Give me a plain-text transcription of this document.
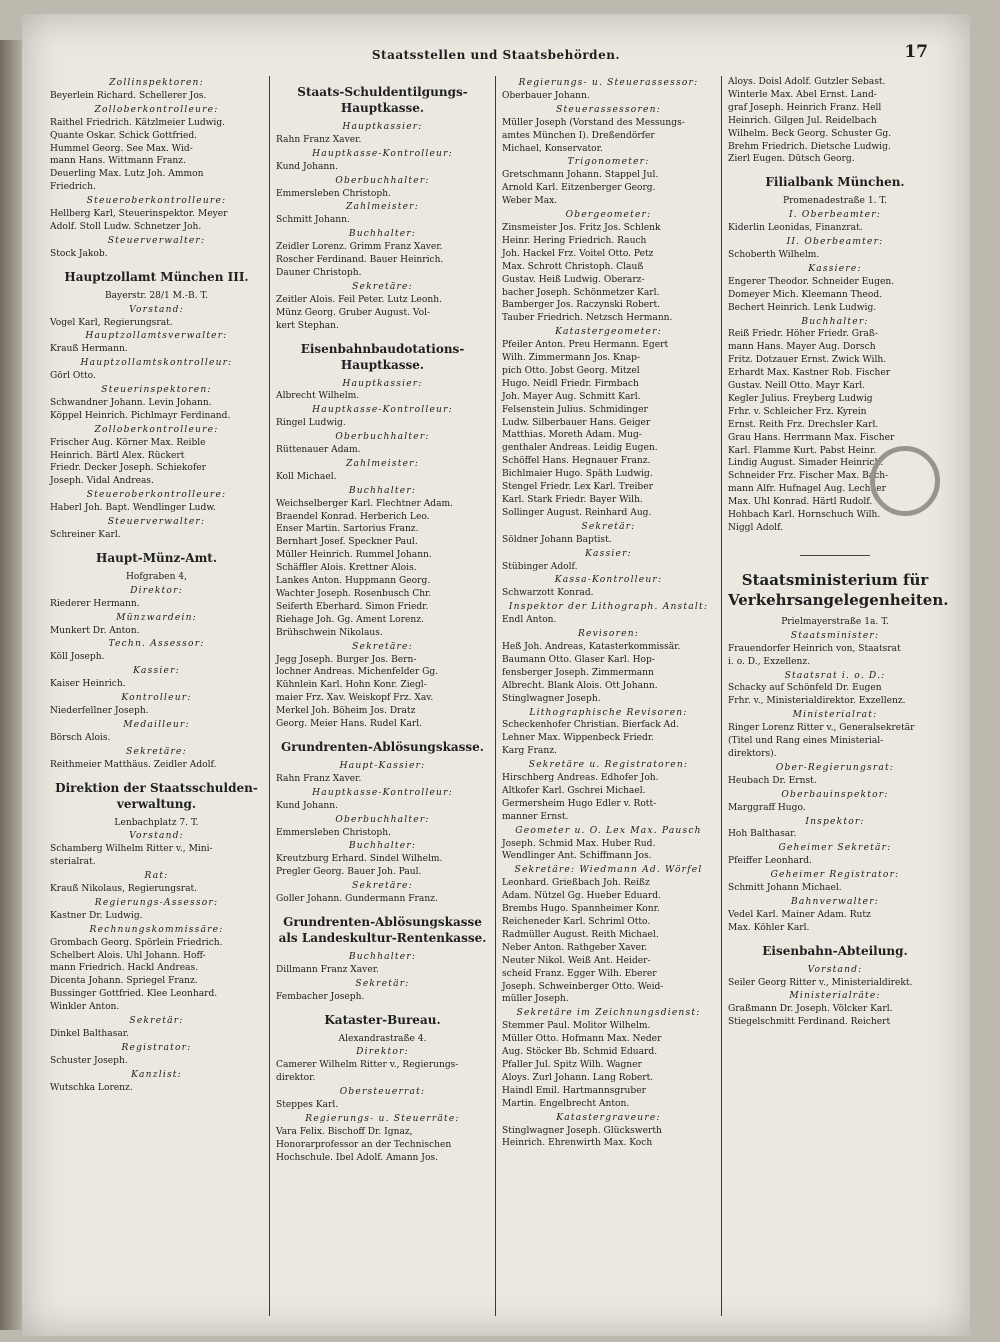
Staatsstellen und Staatsbehörden.	17
Zollinspektoren:
Beyerlein Richard. Schellerer Jos.
Zolloberkontrolleure:
Raithel Friedrich. Kätzlmeier Ludwig.
Quante Oskar. Schick Gottfried.
Hummel Georg. See Max. Wid-
mann Hans. Wittmann Franz.
Deuerling Max. Lutz Joh. Ammon
Friedrich.
Steueroberkontrolleure:
Hellberg Karl, Steuerinspektor. Meyer
Adolf. Stoll Ludw. Schnetzer Joh.
Steuerverwalter:
Stock Jakob.
Hauptzollamt München III.
Bayerstr. 28/1 M.-B. T.
Vorstand:
Vogel Karl, Regierungsrat.
Hauptzollamtsverwalter:
Krauß Hermann.
Hauptzollamtskontrolleur:
Görl Otto.
Steuerinspektoren:
Schwandner Johann. Levin Johann.
Köppel Heinrich. Pichlmayr Ferdinand.
Zolloberkontrolleure:
Frischer Aug. Körner Max. Reible
Heinrich. Bärtl Alex. Rückert
Friedr. Decker Joseph. Schiekofer
Joseph. Vidal Andreas.
Steueroberkontrolleure:
Haberl Joh. Bapt. Wendlinger Ludw.
Steuerverwalter:
Schreiner Karl.
Haupt-Münz-Amt.
Hofgraben 4,
Direktor:
Riederer Hermann.
Münzwardein:
Munkert Dr. Anton.
Techn. Assessor:
Köll Joseph.
Kassier:
Kaiser Heinrich.
Kontrolleur:
Niederfellner Joseph.
Medailleur:
Börsch Alois.
Sekretäre:
Reithmeier Matthäus. Zeidler Adolf.
Direktion der Staatsschulden-verwaltung.
Lenbachplatz 7. T.
Vorstand:
Schamberg Wilhelm Ritter v., Mini-
sterialrat.
Rat:
Krauß Nikolaus, Regierungsrat.
Regierungs-Assessor:
Kastner Dr. Ludwig.
Rechnungskommissäre:
Grombach Georg. Spörlein Friedrich.
Schelbert Alois. Uhl Johann. Hoff-
mann Friedrich. Hackl Andreas.
Dicenta Johann. Spriegel Franz.
Bussinger Gottfried. Klee Leonhard.
Winkler Anton.
Sekretär:
Dinkel Balthasar.
Registrator:
Schuster Joseph.
Kanzlist:
Wutschka Lorenz.
Staats-Schuldentilgungs-Hauptkasse.
Hauptkassier:
Rahn Franz Xaver.
Hauptkasse-Kontrolleur:
Kund Johann.
Oberbuchhalter:
Emmersleben Christoph.
Zahlmeister:
Schmitt Johann.
Buchhalter:
Zeidler Lorenz. Grimm Franz Xaver.
Roscher Ferdinand. Bauer Heinrich.
Dauner Christoph.
Sekretäre:
Zeitler Alois. Feil Peter. Lutz Leonh.
Münz Georg. Gruber August. Vol-
kert Stephan.
Eisenbahnbaudotations-Hauptkasse.
Hauptkassier:
Albrecht Wilhelm.
Hauptkasse-Kontrolleur:
Ringel Ludwig.
Oberbuchhalter:
Rüttenauer Adam.
Zahlmeister:
Koll Michael.
Buchhalter:
Weichselberger Karl. Flechtner Adam.
Braendel Konrad. Herberich Leo.
Enser Martin. Sartorius Franz.
Bernhart Josef. Speckner Paul.
Müller Heinrich. Rummel Johann.
Schäffler Alois. Krettner Alois.
Lankes Anton. Huppmann Georg.
Wachter Joseph. Rosenbusch Chr.
Seiferth Eberhard. Simon Friedr.
Riehage Joh. Gg. Ament Lorenz.
Brühschwein Nikolaus.
Sekretäre:
Jegg Joseph. Burger Jos. Bern-
lochner Andreas. Michenfelder Gg.
Kühnlein Karl. Hohn Konr. Ziegl-
maier Frz. Xav. Weiskopf Frz. Xav.
Merkel Joh. Böheim Jos. Dratz
Georg. Meier Hans. Rudel Karl.
Grundrenten-Ablösungskasse.
Haupt-Kassier:
Rahn Franz Xaver.
Hauptkasse-Kontrolleur:
Kund Johann.
Oberbuchhalter:
Emmersleben Christoph.
Buchhalter:
Kreutzburg Erhard. Sindel Wilhelm.
Pregler Georg. Bauer Joh. Paul.
Sekretäre:
Goller Johann. Gundermann Franz.
Grundrenten-Ablösungskasse als Landeskultur-Rentenkasse.
Buchhalter:
Dillmann Franz Xaver.
Sekretär:
Fembacher Joseph.
Kataster-Bureau.
Alexandrastraße 4.
Direktor:
Camerer Wilhelm Ritter v., Regierungs-
direktor.
Obersteuerrat:
Steppes Karl.
Regierungs- u. Steuerräte:
Vara Felix. Bischoff Dr. Ignaz,
Honorarprofessor an der Technischen
Hochschule. Ibel Adolf. Amann Jos.
Regierungs- u. Steuerassessor:
Oberbauer Johann.
Steuerassessoren:
Müller Joseph (Vorstand des Messungs-
amtes München I). Dreßendörfer
Michael, Konservator.
Trigonometer:
Gretschmann Johann. Stappel Jul.
Arnold Karl. Eitzenberger Georg.
Weber Max.
Obergeometer:
Zinsmeister Jos. Fritz Jos. Schlenk
Heinr. Hering Friedrich. Rauch
Joh. Hackel Frz. Voitel Otto. Petz
Max. Schrott Christoph. Clauß
Gustav. Heiß Ludwig. Oberarz-
bacher Joseph. Schönmetzer Karl.
Bamberger Jos. Raczynski Robert.
Tauber Friedrich. Netzsch Hermann.
Katastergeometer:
Pfeiler Anton. Preu Hermann. Egert
Wilh. Zimmermann Jos. Knap-
pich Otto. Jobst Georg. Mitzel
Hugo. Neidl Friedr. Firmbach
Joh. Mayer Aug. Schmitt Karl.
Felsenstein Julius. Schmidinger
Ludw. Silberbauer Hans. Geiger
Matthias. Moreth Adam. Mug-
genthaler Andreas. Leidig Eugen.
Schöffel Hans. Hegnauer Franz.
Bichlmaier Hugo. Späth Ludwig.
Stengel Friedr. Lex Karl. Treiber
Karl. Stark Friedr. Bayer Wilh.
Sollinger August. Reinhard Aug.
Sekretär:
Söldner Johann Baptist.
Kassier:
Stübinger Adolf.
Kassa-Kontrolleur:
Schwarzott Konrad.
Inspektor der Lithograph. Anstalt:
Endl Anton.
Revisoren:
Heß Joh. Andreas, Katasterkommissär.
Baumann Otto. Glaser Karl. Hop-
fensberger Joseph. Zimmermann
Albrecht. Blank Alois. Ott Johann.
Stinglwagner Joseph.
Lithographische Revisoren:
Scheckenhofer Christian. Bierfack Ad.
Lehner Max. Wippenbeck Friedr.
Karg Franz.
Sekretäre u. Registratoren:
Hirschberg Andreas. Edhofer Joh.
Altkofer Karl. Gschrei Michael.
Germersheim Hugo Edler v. Rott-
manner Ernst.
Geometer u. O. Lex Max. Pausch
Joseph. Schmid Max. Huber Rud.
Wendlinger Ant. Schiffmann Jos.
Sekretäre: Wiedmann Ad. Wörfel
Leonhard. Grießbach Joh. Reißz
Adam. Nützel Gg. Hueber Eduard.
Brembs Hugo. Spannheimer Konr.
Reicheneder Karl. Schriml Otto.
Radmüller August. Reith Michael.
Neber Anton. Rathgeber Xaver.
Neuter Nikol. Weiß Ant. Heider-
scheid Franz. Egger Wilh. Eberer
Joseph. Schweinberger Otto. Weid-
müller Joseph.
Sekretäre im Zeichnungsdienst:
Stemmer Paul. Molitor Wilhelm.
Müller Otto. Hofmann Max. Neder
Aug. Stöcker Bb. Schmid Eduard.
Pfaller Jul. Spitz Wilh. Wagner
Aloys. Zurl Johann. Lang Robert.
Haindl Emil. Hartmannsgruber
Martin. Engelbrecht Anton.
Katastergraveure:
Stinglwagner Joseph. Glückswerth
Heinrich. Ehrenwirth Max. Koch
Aloys. Doisl Adolf. Gutzler Sebast.
Winterle Max. Abel Ernst. Land-
graf Joseph. Heinrich Franz. Hell
Heinrich. Gilgen Jul. Reidelbach
Wilhelm. Beck Georg. Schuster Gg.
Brehm Friedrich. Dietsche Ludwig.
Zierl Eugen. Dütsch Georg.
Filialbank München.
Promenadestraße 1. T.
I. Oberbeamter:
Kiderlin Leonidas, Finanzrat.
II. Oberbeamter:
Schoberth Wilhelm.
Kassiere:
Engerer Theodor. Schneider Eugen.
Domeyer Mich. Kleemann Theod.
Bechert Heinrich. Lenk Ludwig.
Buchhalter:
Reiß Friedr. Höher Friedr. Graß-
mann Hans. Mayer Aug. Dorsch
Fritz. Dotzauer Ernst. Zwick Wilh.
Erhardt Max. Kastner Rob. Fischer
Gustav. Neill Otto. Mayr Karl.
Kegler Julius. Freyberg Ludwig
Frhr. v. Schleicher Frz. Kyrein
Ernst. Reith Frz. Drechsler Karl.
Grau Hans. Herrmann Max. Fischer
Karl. Flamme Kurt. Pabst Heinr.
Lindig August. Simader Heinrich.
Schneider Frz. Fischer Max. Bach-
mann Alfr. Hufnagel Aug. Lechner
Max. Uhl Konrad. Härtl Rudolf.
Hohbach Karl. Hornschuch Wilh.
Niggl Adolf.
Staatsministerium für Verkehrsangelegenheiten.
Prielmayerstraße 1a. T.
Staatsminister:
Frauendorfer Heinrich von, Staatsrat
i. o. D., Exzellenz.
Staatsrat i. o. D.:
Schacky auf Schönfeld Dr. Eugen
Frhr. v., Ministerialdirektor. Exzellenz.
Ministerialrat:
Ringer Lorenz Ritter v., Generalsekretär
(Titel und Rang eines Ministerial-
direktors).
Ober-Regierungsrat:
Heubach Dr. Ernst.
Oberbauinspektor:
Marggraff Hugo.
Inspektor:
Hoh Balthasar.
Geheimer Sekretär:
Pfeiffer Leonhard.
Geheimer Registrator:
Schmitt Johann Michael.
Bahnverwalter:
Vedel Karl. Mainer Adam. Rutz
Max. Köhler Karl.
Eisenbahn-Abteilung.
Vorstand:
Seiler Georg Ritter v., Ministerialdirekt.
Ministerialräte:
Graßmann Dr. Joseph. Völcker Karl.
Stiegelschmitt Ferdinand. Reichert
